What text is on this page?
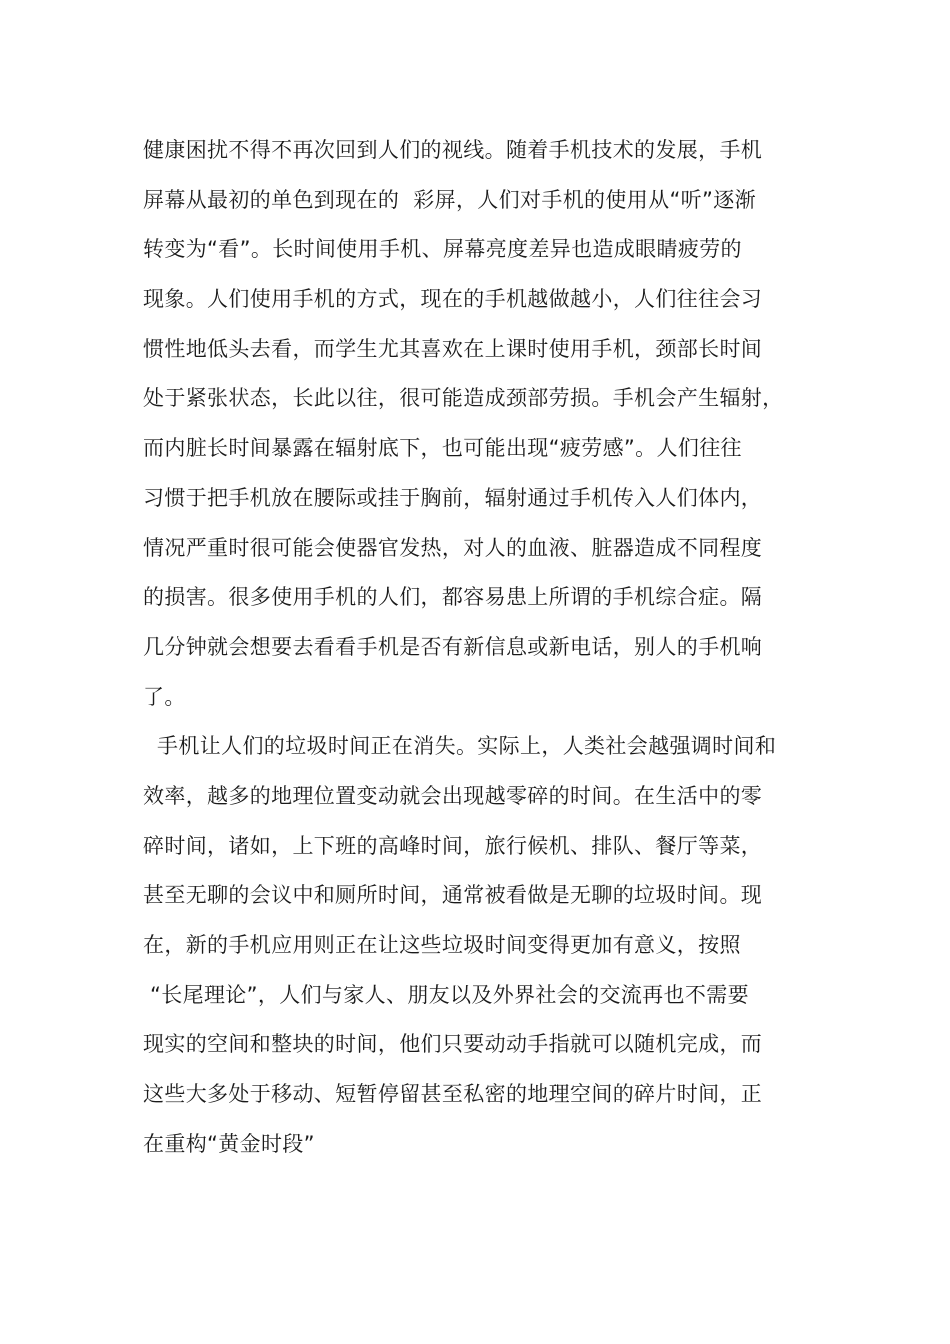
健康困扰不得不再次回到人们的视线。随着手机技术的发展，手机
屏幕从最初的单色到现在的  彩屏，人们对手机的使用从“听”逐渐
转变为“看”。长时间使用手机、屏幕亮度差异也造成眼睛疲劳的
现象。人们使用手机的方式，现在的手机越做越小，人们往往会习
惯性地低头去看，而学生尤其喜欢在上课时使用手机，颈部长时间
处于紧张状态，长此以往，很可能造成颈部劳损。手机会产生辐射，
而内脏长时间暴露在辐射底下，也可能出现“疲劳感”。人们往往
习惯于把手机放在腰际或挂于胸前，辐射通过手机传入人们体内，
情况严重时很可能会使器官发热，对人的血液、脏器造成不同程度
的损害。很多使用手机的人们，都容易患上所谓的手机综合症。隔
几分钟就会想要去看看手机是否有新信息或新电话，别人的手机响
了。
手机让人们的垃圾时间正在消失。实际上，人类社会越强调时间和
效率，越多的地理位置变动就会出现越零碎的时间。在生活中的零
碎时间，诸如，上下班的高峰时间，旅行候机、排队、餐厅等菜，
甚至无聊的会议中和厕所时间，通常被看做是无聊的垃圾时间。现
在，新的手机应用则正在让这些垃圾时间变得更加有意义，按照
“长尾理论”，人们与家人、朋友以及外界社会的交流再也不需要
现实的空间和整块的时间，他们只要动动手指就可以随机完成，而
这些大多处于移动、短暂停留甚至私密的地理空间的碎片时间，正
在重构“黄金时段”
